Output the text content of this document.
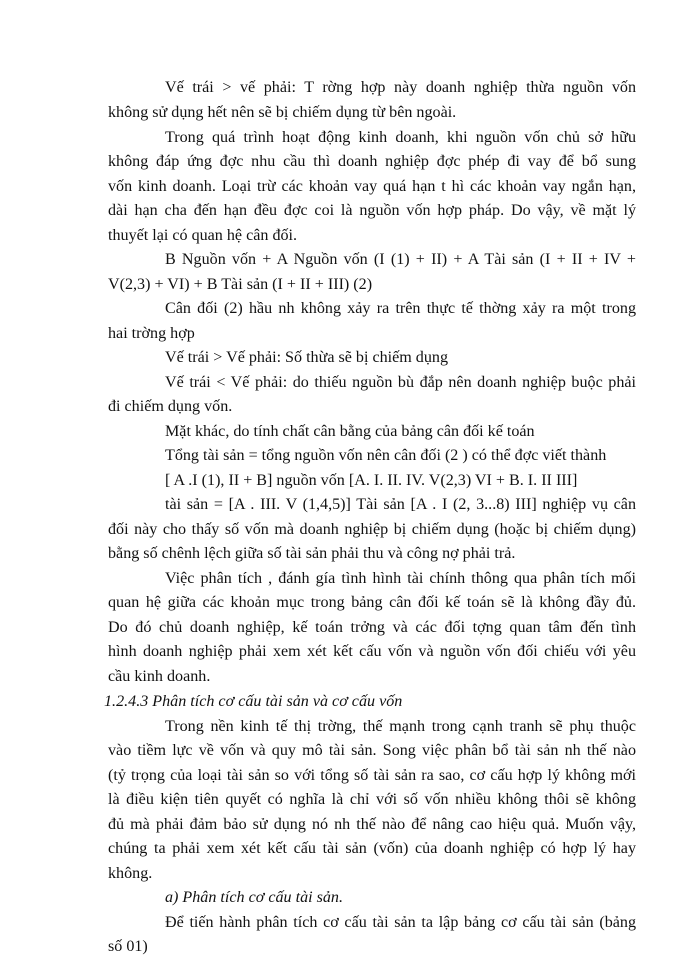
Vế trái > vế phải: T rờng hợp này doanh nghiệp thừa nguồn vốn
không sử dụng hết nên sẽ bị chiếm dụng từ bên ngoài.
Trong quá trình hoạt động kinh doanh, khi nguồn vốn chủ sở hữu
không đáp ứng đợc nhu cầu thì doanh nghiệp đợc phép đi vay để bổ sung
vốn kinh doanh. Loại trừ các khoản vay quá hạn t hì các khoản vay ngắn hạn,
dài hạn cha đến hạn đều đợc coi là nguồn vốn hợp pháp. Do vậy, về mặt lý
thuyết lại có quan hệ cân đối.
B Nguồn vốn + A Nguồn vốn (I (1) + II) + A Tài sản (I + II + IV +
V(2,3) + VI) + B Tài sản (I + II + III) (2)
Cân đối (2) hầu nh không xảy ra trên thực tế thờng xảy ra một trong
hai trờng hợp
Vế trái > Vế phải: Số thừa sẽ bị chiếm dụng
Vế trái < Vế phải: do thiếu nguồn bù đắp nên doanh nghiệp buộc phải
đi chiếm dụng vốn.
Mặt khác, do tính chất cân bằng của bảng cân đối kế toán
Tổng tài sản = tổng nguồn vốn nên cân đối (2 ) có thể đợc viết thành
[ A .I (1), II + B] nguồn vốn [A. I. II. IV. V(2,3) VI + B. I. II III]
tài sản = [A . III. V (1,4,5)] Tài sản [A . I (2, 3...8) III] nghiệp vụ cân
đối này cho thấy số vốn mà doanh nghiệp bị chiếm dụng (hoặc bị chiếm dụng)
bằng số chênh lệch giữa số tài sản phải thu và công nợ phải trả.
Việc phân tích , đánh gía tình hình tài chính thông qua phân tích mối
quan hệ giữa các khoản mục trong bảng cân đối kế toán sẽ là không đầy đủ.
Do đó chủ doanh nghiệp, kế toán trởng và các đối tợng quan tâm đến tình
hình doanh nghiệp phải xem xét kết cấu vốn và nguồn vốn đối chiếu với yêu
cầu kinh doanh.
1.2.4.3 Phân tích cơ cấu tài sản và cơ cấu vốn
Trong nền kinh tế thị trờng, thế mạnh trong cạnh tranh sẽ phụ thuộc
vào tiềm lực về vốn và quy mô tài sản. Song việc phân bổ tài sản nh thế nào
(tỷ trọng của loại tài sản so với tổng số tài sản ra sao, cơ cấu hợp lý không mới
là điều kiện tiên quyết có nghĩa là chỉ với số vốn nhiều không thôi sẽ không
đủ mà phải đảm bảo sử dụng nó nh thế nào để nâng cao hiệu quả. Muốn vậy,
chúng ta phải xem xét kết cấu tài sản (vốn) của doanh nghiệp có hợp lý hay
không.
a) Phân tích cơ cấu tài sản.
Để tiến hành phân tích cơ cấu tài sản ta lập bảng cơ cấu tài sản (bảng
số 01)
